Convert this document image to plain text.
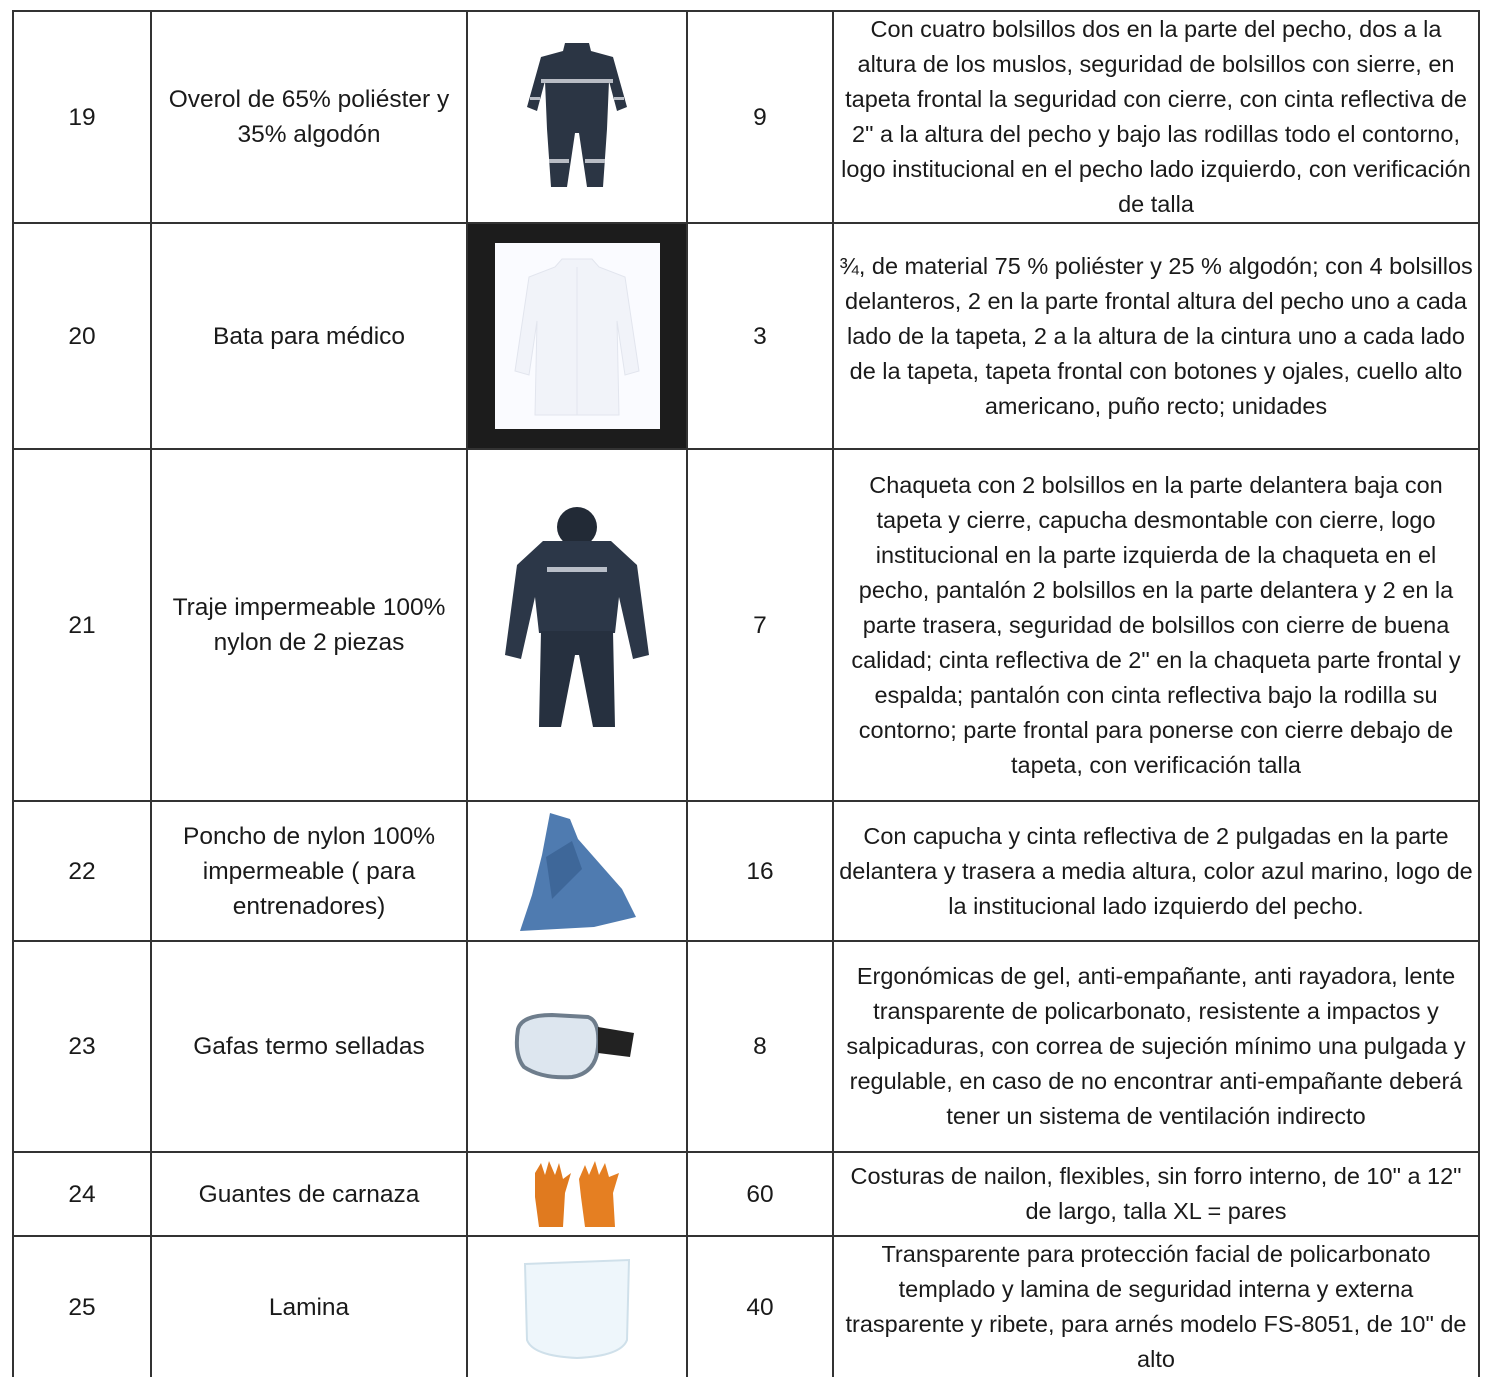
19	Overol de 65% poliéster y 35% algodón		9	Con cuatro bolsillos dos en la parte del pecho, dos a la altura de los muslos, seguridad de bolsillos con sierre, en tapeta frontal la seguridad con cierre, con cinta reflectiva de 2" a la altura del pecho y bajo las rodillas todo el contorno, logo institucional en el pecho lado izquierdo, con verificación de talla
20	Bata para médico		3	¾, de material 75 % poliéster y 25 % algodón; con 4 bolsillos delanteros, 2 en la parte frontal altura del pecho uno a cada lado de la tapeta, 2 a la altura de la cintura uno a cada lado de la tapeta, tapeta frontal con botones y ojales, cuello alto americano, puño recto; unidades
21	Traje impermeable 100% nylon de 2 piezas		7	Chaqueta con 2 bolsillos en la parte delantera baja con tapeta y cierre, capucha desmontable con cierre, logo institucional en la parte izquierda de la chaqueta en el pecho, pantalón 2 bolsillos en la parte delantera y 2 en la parte trasera, seguridad de bolsillos con cierre de buena calidad; cinta reflectiva de 2" en la chaqueta parte frontal y espalda; pantalón con cinta reflectiva bajo la rodilla su contorno; parte frontal para ponerse con cierre debajo de tapeta, con verificación talla
22	Poncho de nylon 100% impermeable ( para entrenadores)		16	Con capucha y cinta reflectiva de 2 pulgadas en la parte delantera y trasera a media altura, color azul marino, logo de la institucional lado izquierdo del pecho.
23	Gafas termo selladas		8	Ergonómicas de gel, anti-empañante, anti rayadora, lente transparente de policarbonato, resistente a impactos y salpicaduras, con correa de sujeción mínimo una pulgada y regulable, en caso de no encontrar anti-empañante deberá tener un sistema de ventilación indirecto
24	Guantes de carnaza		60	Costuras de nailon, flexibles, sin forro interno, de 10" a 12" de largo, talla XL = pares
25	Lamina		40	Transparente para protección facial de policarbonato templado y lamina de seguridad interna y externa trasparente y ribete, para arnés modelo FS-8051, de 10" de alto
